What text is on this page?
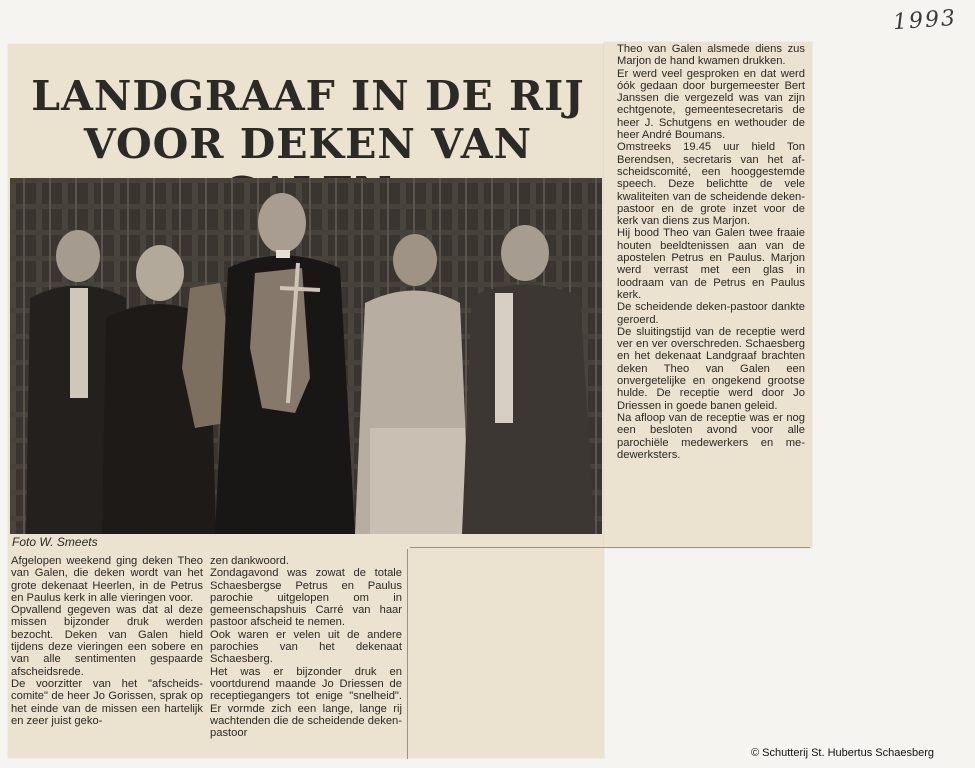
1993
LANDGRAAF IN DE RIJ
VOOR DEKEN VAN
Foto W. Smeets

Afgelopen weekend ging deken Theo van Galen, die deken wordt van het grote dekenaat Heerlen, in de Petrus en Paulus kerk in alle vieringen voor.

Opvallend gegeven was dat al deze missen bijzonder druk werden bezocht. Deken van Galen hield tijdens deze vieringen een sobere en van alle sentimenten gespaarde afscheidsrede.

De voorzitter van het "afscheidscomite" de heer Jo Gorissen, sprak op het einde van de missen een hartelijk en zeer juist geko-

zen dankwoord.

Zondagavond was zowat de totale Schaesbergse Petrus en Paulus parochie uitgelopen om in gemeenschapshuis Carré van haar pastoor afscheid te nemen.

Ook waren er velen uit de andere parochies van het dekenaat Schaesberg.

Het was er bijzonder druk en voortdurend maande Jo Driessen de receptiegangers tot enige "snelheid". Er vormde zich een lange, lange rij wachtenden die de scheidende deken-pastoor

Theo van Galen alsmede diens zus Marjon de hand kwamen drukken.

Er werd veel gesproken en dat werd óók gedaan door burgemeester Bert Janssen die vergezeld was van zijn echtgenote, gemeentesecretaris de heer J. Schutgens en wethouder de heer André Boumans.

Omstreeks 19.45 uur hield Ton Berendsen, secretaris van het afscheidscomité, een hooggestemde speech. Deze belichtte de vele kwaliteiten van de scheidende deken-pastoor en de grote inzet voor de kerk van diens zus Marjon.

Hij bood Theo van Galen twee fraaie houten beeldtenissen aan van de apostelen Petrus en Paulus. Marjon werd verrast met een glas in loodraam van de Petrus en Paulus kerk.

De scheidende deken-pastoor dankte geroerd.

De sluitingstijd van de receptie werd ver en ver overschreden. Schaesberg en het dekenaat Landgraaf brachten deken Theo van Galen een onvergetelijke en ongekend grootse hulde. De receptie werd door Jo Driessen in goede banen geleid.

Na afloop van de receptie was er nog een besloten avond voor alle parochiële medewerkers en medewerksters.

© Schutterij St. Hubertus Schaesberg
